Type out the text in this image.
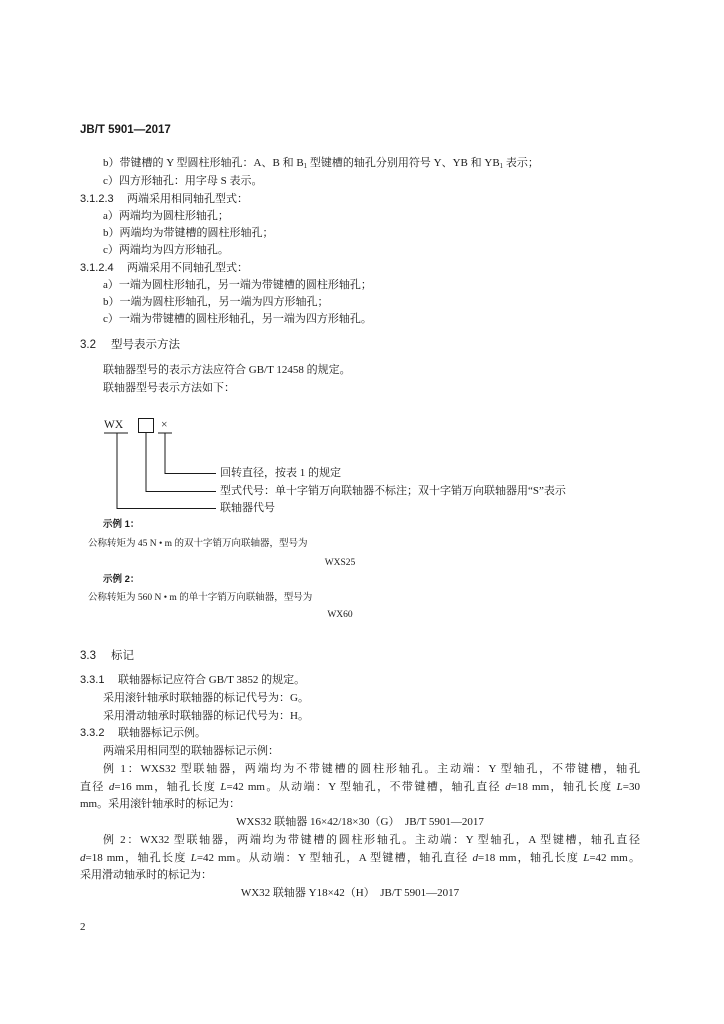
JB/T 5901—2017
b）带键槽的 Y 型圆柱形轴孔：A、B 和 $B_1$ 型键槽的轴孔分别用符号 Y、YB 和 $YB_1$ 表示；
c）四方形轴孔：用字母 S 表示。
3.1.2.3 两端采用相同轴孔型式：
a）两端均为圆柱形轴孔；
b）两端均为带键槽的圆柱形轴孔；
c）两端均为四方形轴孔。
3.1.2.4 两端采用不同轴孔型式：
a）一端为圆柱形轴孔，另一端为带键槽的圆柱形轴孔；
b）一端为圆柱形轴孔，另一端为四方形轴孔；
c）一端为带键槽的圆柱形轴孔，另一端为四方形轴孔。
3.2 型号表示方法
联轴器型号的表示方法应符合 GB/T 12458 的规定。
联轴器型号表示方法如下：
WX	×
回转直径，按表 1 的规定
型式代号：单十字销万向联轴器不标注；双十字销万向联轴器用“S”表示
联轴器代号
示例 1：
公称转矩为 45 N • m 的双十字销万向联轴器，型号为
WXS25
示例 2：
公称转矩为 560 N • m 的单十字销万向联轴器，型号为
WX60
3.3 标记
3.3.1 联轴器标记应符合 GB/T 3852 的规定。
采用滚针轴承时联轴器的标记代号为：G。
采用滑动轴承时联轴器的标记代号为：H。
3.3.2 联轴器标记示例。
两端采用相同型的联轴器标记示例：
例 1：WXS32 型联轴器，两端均为不带键槽的圆柱形轴孔。主动端：Y 型轴孔，不带键槽，轴孔
直径 d=16 mm，轴孔长度 L=42 mm。从动端：Y 型轴孔，不带键槽，轴孔直径 d=18 mm，轴孔长度 L=30
mm。采用滚针轴承时的标记为：
WXS32 联轴器 16×42/18×30（G）　JB/T 5901—2017
例 2：WX32 型联轴器，两端均为带键槽的圆柱形轴孔。主动端：Y 型轴孔，A 型键槽，轴孔直径
d=18 mm，轴孔长度 L=42 mm。从动端：Y 型轴孔，A 型键槽，轴孔直径 d=18 mm，轴孔长度 L=42 mm。
采用滑动轴承时的标记为：
WX32 联轴器 Y18×42（H）　JB/T 5901—2017
2
